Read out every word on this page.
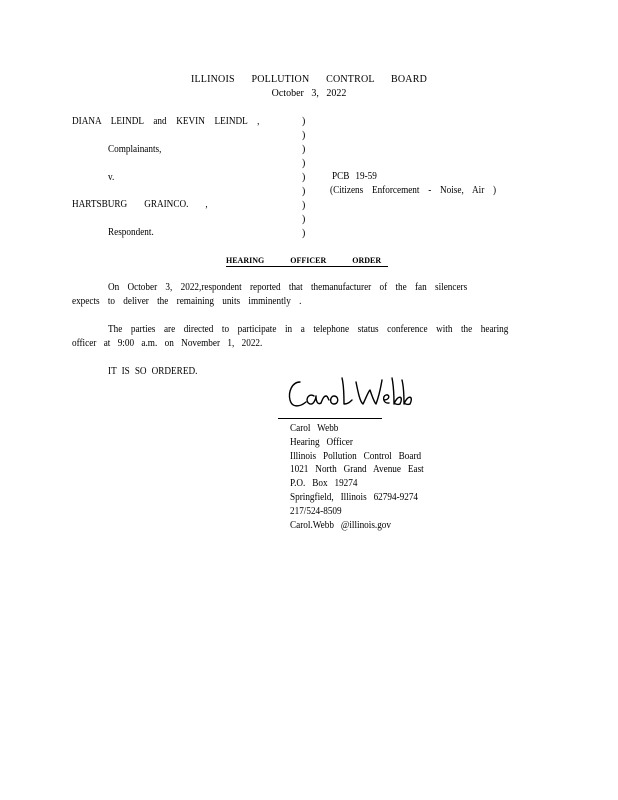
ILLINOIS POLLUTION CONTROL BOARD
October 3, 2022
DIANA LEINDL and KEVIN LEINDL ,
Complainants,
v.
HARTSBURG GRAINCO. ,
Respondent.
)
)
)
)
)
)
)
)
)
PCB 19-59
(Citizens Enforcement - Noise, Air )
HEARING OFFICER ORDER
On October 3, 2022,respondent reported that themanufacturer of the fan silencers
expects to deliver the remaining units imminently .
The parties are directed to participate in a telephone status conference with the hearing
officer at 9:00 a.m. on November 1, 2022.
IT IS SO ORDERED.
Carol Webb
Hearing Officer
Illinois Pollution Control Board
1021 North Grand Avenue East
P.O. Box 19274
Springfield, Illinois 62794-9274
217/524-8509
Carol.Webb @illinois.gov
